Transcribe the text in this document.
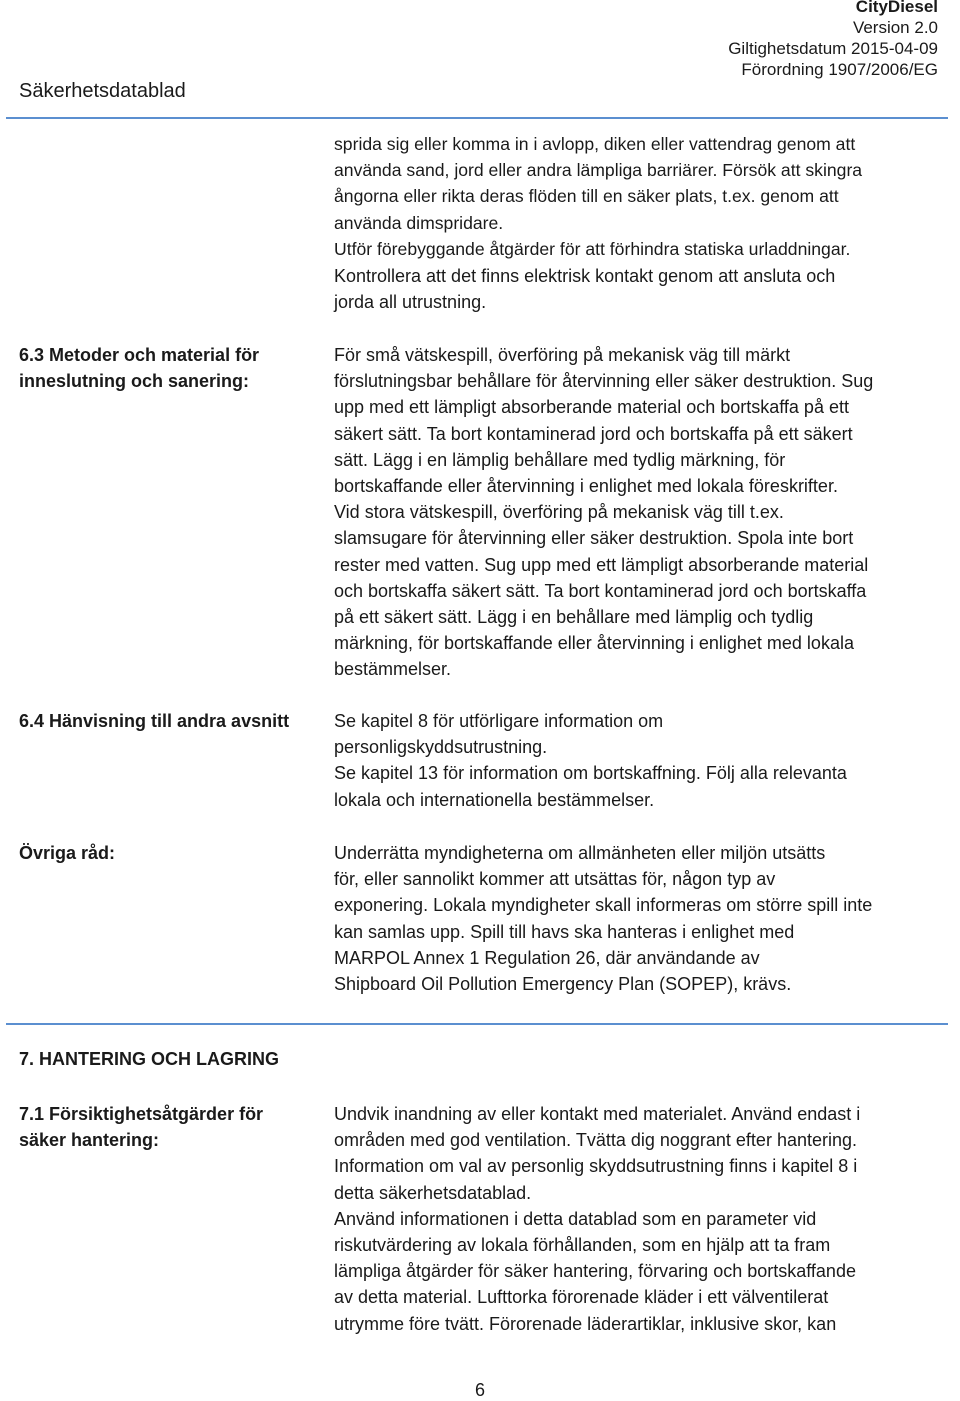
Säkerhetsdatablad
CityDiesel
Version 2.0
Giltighetsdatum 2015-04-09
Förordning 1907/2006/EG
sprida sig eller komma in i avlopp, diken eller vattendrag genom att
använda sand, jord eller andra lämpliga barriärer. Försök att skingra
ångorna eller rikta deras flöden till en säker plats, t.ex. genom att
använda dimspridare.
Utför förebyggande åtgärder för att förhindra statiska urladdningar.
Kontrollera att det finns elektrisk kontakt genom att ansluta och
jorda all utrustning.
6.3 Metoder och material för
inneslutning och sanering:
För små vätskespill, överföring på mekanisk väg till märkt
förslutningsbar behållare för återvinning eller säker destruktion. Sug
upp med ett lämpligt absorberande material och bortskaffa på ett
säkert sätt. Ta bort kontaminerad jord och bortskaffa på ett säkert
sätt. Lägg i en lämplig behållare med tydlig märkning, för
bortskaffande eller återvinning i enlighet med lokala föreskrifter.
Vid stora vätskespill, överföring på mekanisk väg till t.ex.
slamsugare för återvinning eller säker destruktion. Spola inte bort
rester med vatten. Sug upp med ett lämpligt absorberande material
och bortskaffa säkert sätt. Ta bort kontaminerad jord och bortskaffa
på ett säkert sätt. Lägg i en behållare med lämplig och tydlig
märkning, för bortskaffande eller återvinning i enlighet med lokala
bestämmelser.
6.4 Hänvisning till andra avsnitt	Se kapitel 8 för utförligare information om
personligskyddsutrustning.
Se kapitel 13 för information om bortskaffning. Följ alla relevanta
lokala och internationella bestämmelser.
Övriga råd:	Underrätta myndigheterna om allmänheten eller miljön utsätts
för, eller sannolikt kommer att utsättas för, någon typ av
exponering. Lokala myndigheter skall informeras om större spill inte
kan samlas upp. Spill till havs ska hanteras i enlighet med
MARPOL Annex 1 Regulation 26, där användande av
Shipboard Oil Pollution Emergency Plan (SOPEP), krävs.
7. HANTERING OCH LAGRING
7.1 Försiktighetsåtgärder för
säker hantering:
Undvik inandning av eller kontakt med materialet. Använd endast i
områden med god ventilation. Tvätta dig noggrant efter hantering.
Information om val av personlig skyddsutrustning finns i kapitel 8 i
detta säkerhetsdatablad.
Använd informationen i detta datablad som en parameter vid
riskutvärdering av lokala förhållanden, som en hjälp att ta fram
lämpliga åtgärder för säker hantering, förvaring och bortskaffande
av detta material. Lufttorka förorenade kläder i ett välventilerat
utrymme före tvätt. Förorenade läderartiklar, inklusive skor, kan
6
